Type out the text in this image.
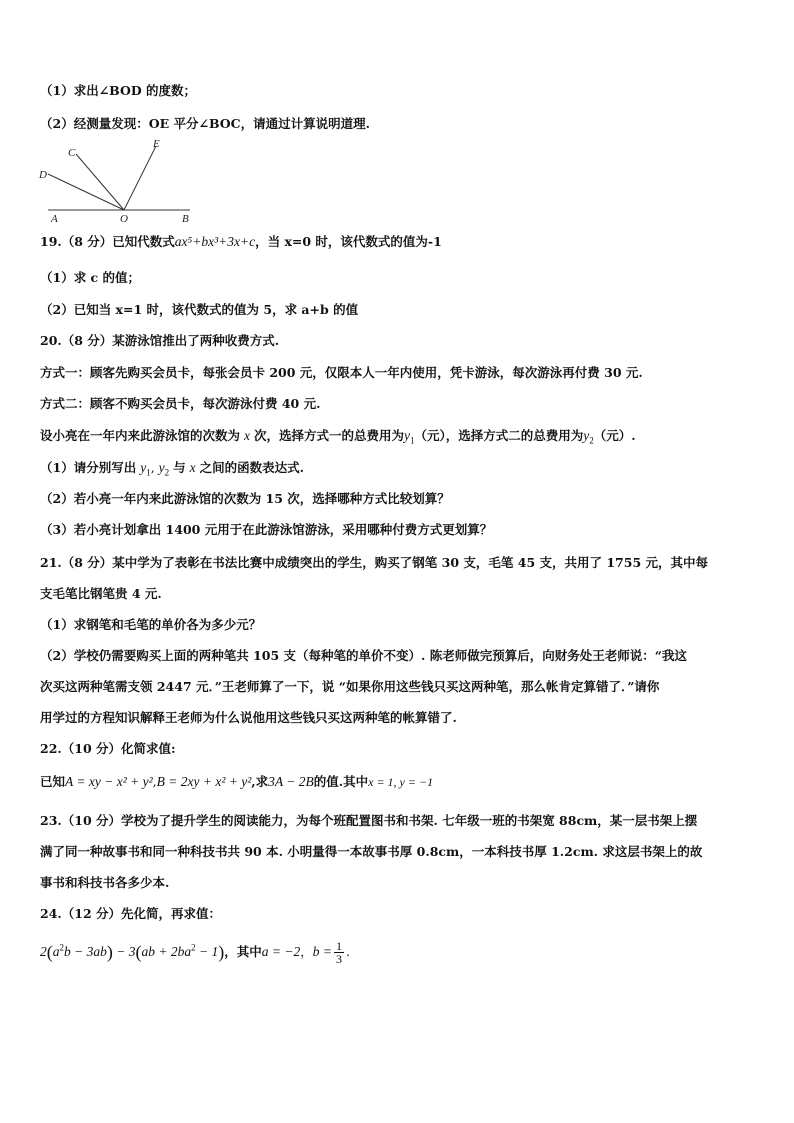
（1）求出∠BOD 的度数；
（2）经测量发现：OE 平分∠BOC，请通过计算说明道理.
C
E
D
A	O	B
19.（8 分）已知代数式ax⁵+bx³+3x+c，当 x=0 时，该代数式的值为-1
（1）求 c 的值；
（2）已知当 x=1 时，该代数式的值为 5，求 a+b 的值
20.（8 分）某游泳馆推出了两种收费方式.
方式一：顾客先购买会员卡，每张会员卡 200 元，仅限本人一年内使用，凭卡游泳，每次游泳再付费 30 元.
方式二：顾客不购买会员卡，每次游泳付费 40 元.
设小亮在一年内来此游泳馆的次数为 x 次，选择方式一的总费用为$y_1$（元），选择方式二的总费用为$y_2$（元）.
（1）请分别写出 $y_1$, $y_2$ 与 x 之间的函数表达式.
（2）若小亮一年内来此游泳馆的次数为 15 次，选择哪种方式比较划算？
（3）若小亮计划拿出 1400 元用于在此游泳馆游泳，采用哪种付费方式更划算？
21.（8 分）某中学为了表彰在书法比赛中成绩突出的学生，购买了钢笔 30 支，毛笔 45 支，共用了 1755 元，其中每
支毛笔比钢笔贵 4 元.
（1）求钢笔和毛笔的单价各为多少元？
（2）学校仍需要购买上面的两种笔共 105 支（每种笔的单价不变）. 陈老师做完预算后，向财务处王老师说：“我这
次买这两种笔需支领 2447 元．”王老师算了一下，说 “如果你用这些钱只买这两种笔，那么帐肯定算错了．”请你
用学过的方程知识解释王老师为什么说他用这些钱只买这两种笔的帐算错了.
22.（10 分）化简求值:
已知A = xy − x² + y²,B = 2xy + x² + y²,求3A − 2B的值.其中x = 1, y = −1
23.（10 分）学校为了提升学生的阅读能力，为每个班配置图书和书架. 七年级一班的书架宽 88cm，某一层书架上摆
满了同一种故事书和同一种科技书共 90 本. 小明量得一本故事书厚 0.8cm，一本科技书厚 1.2cm. 求这层书架上的故
事书和科技书各多少本.
24.（12 分）先化简，再求值：
$2(a^2b - 3ab) - 3(ab + 2ba^2 - 1)$，其中a = −2，$b = \frac{1}{3}$ .
